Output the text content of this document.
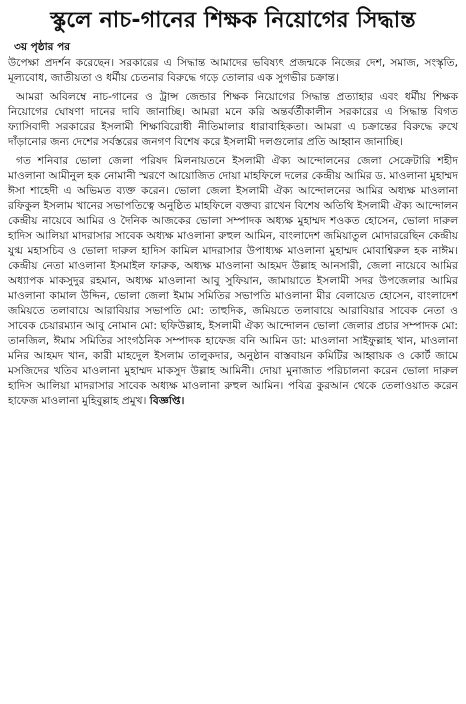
স্কুলে নাচ-গানের শিক্ষক নিয়োগের সিদ্ধান্ত
৩য় পৃষ্ঠার পর

উপেক্ষা প্রদর্শন করেছেন। সরকারের এ সিদ্ধান্ত আমাদের ভবিষ্যৎ প্রজন্মকে নিজের দেশ, সমাজ, সংস্কৃতি, মূল্যবোধ, জাতীয়তা ও ধর্মীয় চেতনার বিরুদ্ধে গড়ে তোলার এক সুগভীর চক্রান্ত।

আমরা অবিলম্বে নাচ-গানের ও ট্রান্স জেন্ডার শিক্ষক নিয়োগের সিদ্ধান্ত প্রত্যাহার এবং ধর্মীয় শিক্ষক নিয়োগের ঘোষণা দানের দাবি জানাচ্ছি। আমরা মনে করি অন্তর্বর্তীকালীন সরকারের এ সিদ্ধান্ত বিগত ফ্যাসিবাদী সরকারের ইসলামী শিক্ষাবিরোধী নীতিমালার ধারাবাহিকতা। আমরা এ চক্রান্তের বিরুদ্ধে রুখে দাঁড়ানোর জন্য দেশের সর্বস্তরের জনগণ বিশেষ করে ইসলামী দলগুলোর প্রতি আহ্বান জানাচ্ছি।

গত শনিবার ভোলা জেলা পরিষদ মিলনায়তনে ইসলামী ঐক্য আন্দোলনের জেলা সেক্রেটারি শহীদ মাওলানা আমীনুল হক নোমানী স্মরণে আয়োজিত দোয়া মাহফিলে দলের কেন্দ্রীয় আমির ড. মাওলানা মুহাম্মদ ঈসা শাহেদী এ অভিমত ব্যক্ত করেন। ভোলা জেলা ইসলামী ঐক্য আন্দোলনের আমির অধ্যক্ষ মাওলানা রফিকুল ইসলাম খানের সভাপতিত্বে অনুষ্ঠিত মাহফিলে বক্তব্য রাখেন বিশেষ অতিথি ইসলামী ঐক্য আন্দোলন কেন্দ্রীয় নায়েবে আমির ও দৈনিক আজকের ভোলা সম্পাদক অধ্যক্ষ মুহাম্মদ শওকত হোসেন, ভোলা দারুল হাদিস আলিয়া মাদরাসার সাবেক অধ্যক্ষ মাওলানা রুহুল আমিন, বাংলাদেশ জমিয়াতুল মোদাররেছিন কেন্দ্রীয় যুগ্ম মহাসচিব ও ভোলা দারুল হাদিস কামিল মাদরাসার উপাধ্যক্ষ মাওলানা মুহাম্মদ মোবাশ্বিরুল হক নাঈম। কেন্দ্রীয় নেতা মাওলানা ইসমাইল ফারুক, অধ্যক্ষ মাওলানা আহমদ উল্লাহ আনসারী, জেলা নায়েবে আমির অধ্যাপক মাকসুদুর রহমান, অধ্যক্ষ মাওলানা আবু সুফিয়ান, জামায়াতে ইসলামী সদর উপজেলার আমির মাওলানা কামাল উদ্দিন, ভোলা জেলা ইমাম সমিতির সভাপতি মাওলানা মীর বেলায়েত হোসেন, বাংলাদেশ জমিয়তে তলাবায়ে আরাবিয়ার সভাপতি মো: তাহুদিক, জমিয়তে তলাবায়ে আরাবিয়ার সাবেক নেতা ও সাবেক চেয়ারম্যান আবু নোমান মো: ছফিউল্লাহ, ইসলামী ঐক্য আন্দোলন ভোলা জেলার প্রচার সম্পাদক মো: তানজিল, ঈমাম সমিতির সাংগঠনিক সম্পাদক হাফেজ বনি আমিন ডা: মাওলানা সাইফুল্লাহ খান, মাওলানা মনির আহমদ খান, কারী মাহদেুল ইসলাম তালুকদার, অনুষ্ঠান বাস্তবায়ন কমিটির আহ্বায়ক ও কোর্ট জামে মসজিদের খতিব মাওলানা মুহাম্মদ মাকসুদ উল্লাহ আমিনী। দোয়া মুনাজাত পরিচালনা করেন ভোলা দারুল হাদিস আলিয়া মাদরাসার সাবেক অধ্যক্ষ মাওলানা রুহুল আমিন। পবিত্র কুরআন থেকে তেলাওয়াত করেন হাফেজ মাওলানা মুহিবুল্লাহ প্রমুখ। বিজ্ঞপ্তি।
